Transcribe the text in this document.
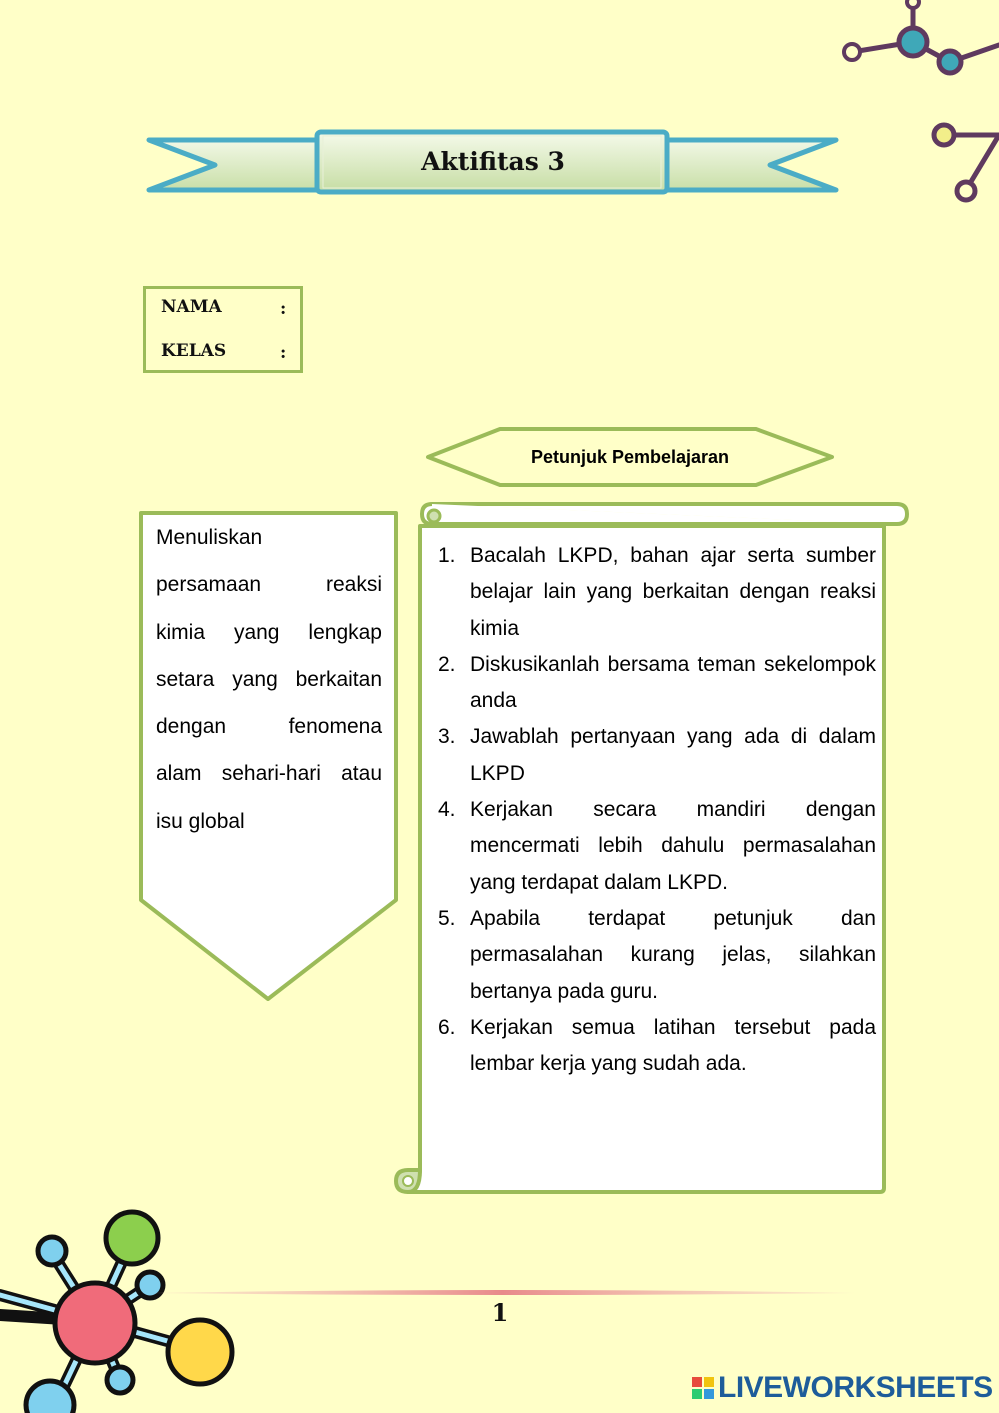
Aktifitas 3
NAMA	:
KELAS	:
Petunjuk Pembelajaran

Menuliskan

persamaan reaksi

kimia yang lengkap

setara yang berkaitan

dengan fenomena

alam sehari-hari atau

isu global

1. Bacalah LKPD, bahan ajar serta sumber belajar lain yang berkaitan dengan reaksi kimia
2. Diskusikanlah bersama teman sekelompok anda
3. Jawablah pertanyaan yang ada di dalam LKPD
4. Kerjakan secara mandiri dengan mencermati lebih dahulu permasalahan yang terdapat dalam LKPD.
5. Apabila terdapat petunjuk dan permasalahan kurang jelas, silahkan bertanya pada guru.
6. Kerjakan semua latihan tersebut pada lembar kerja yang sudah ada.
1
LIVEWORKSHEETS
